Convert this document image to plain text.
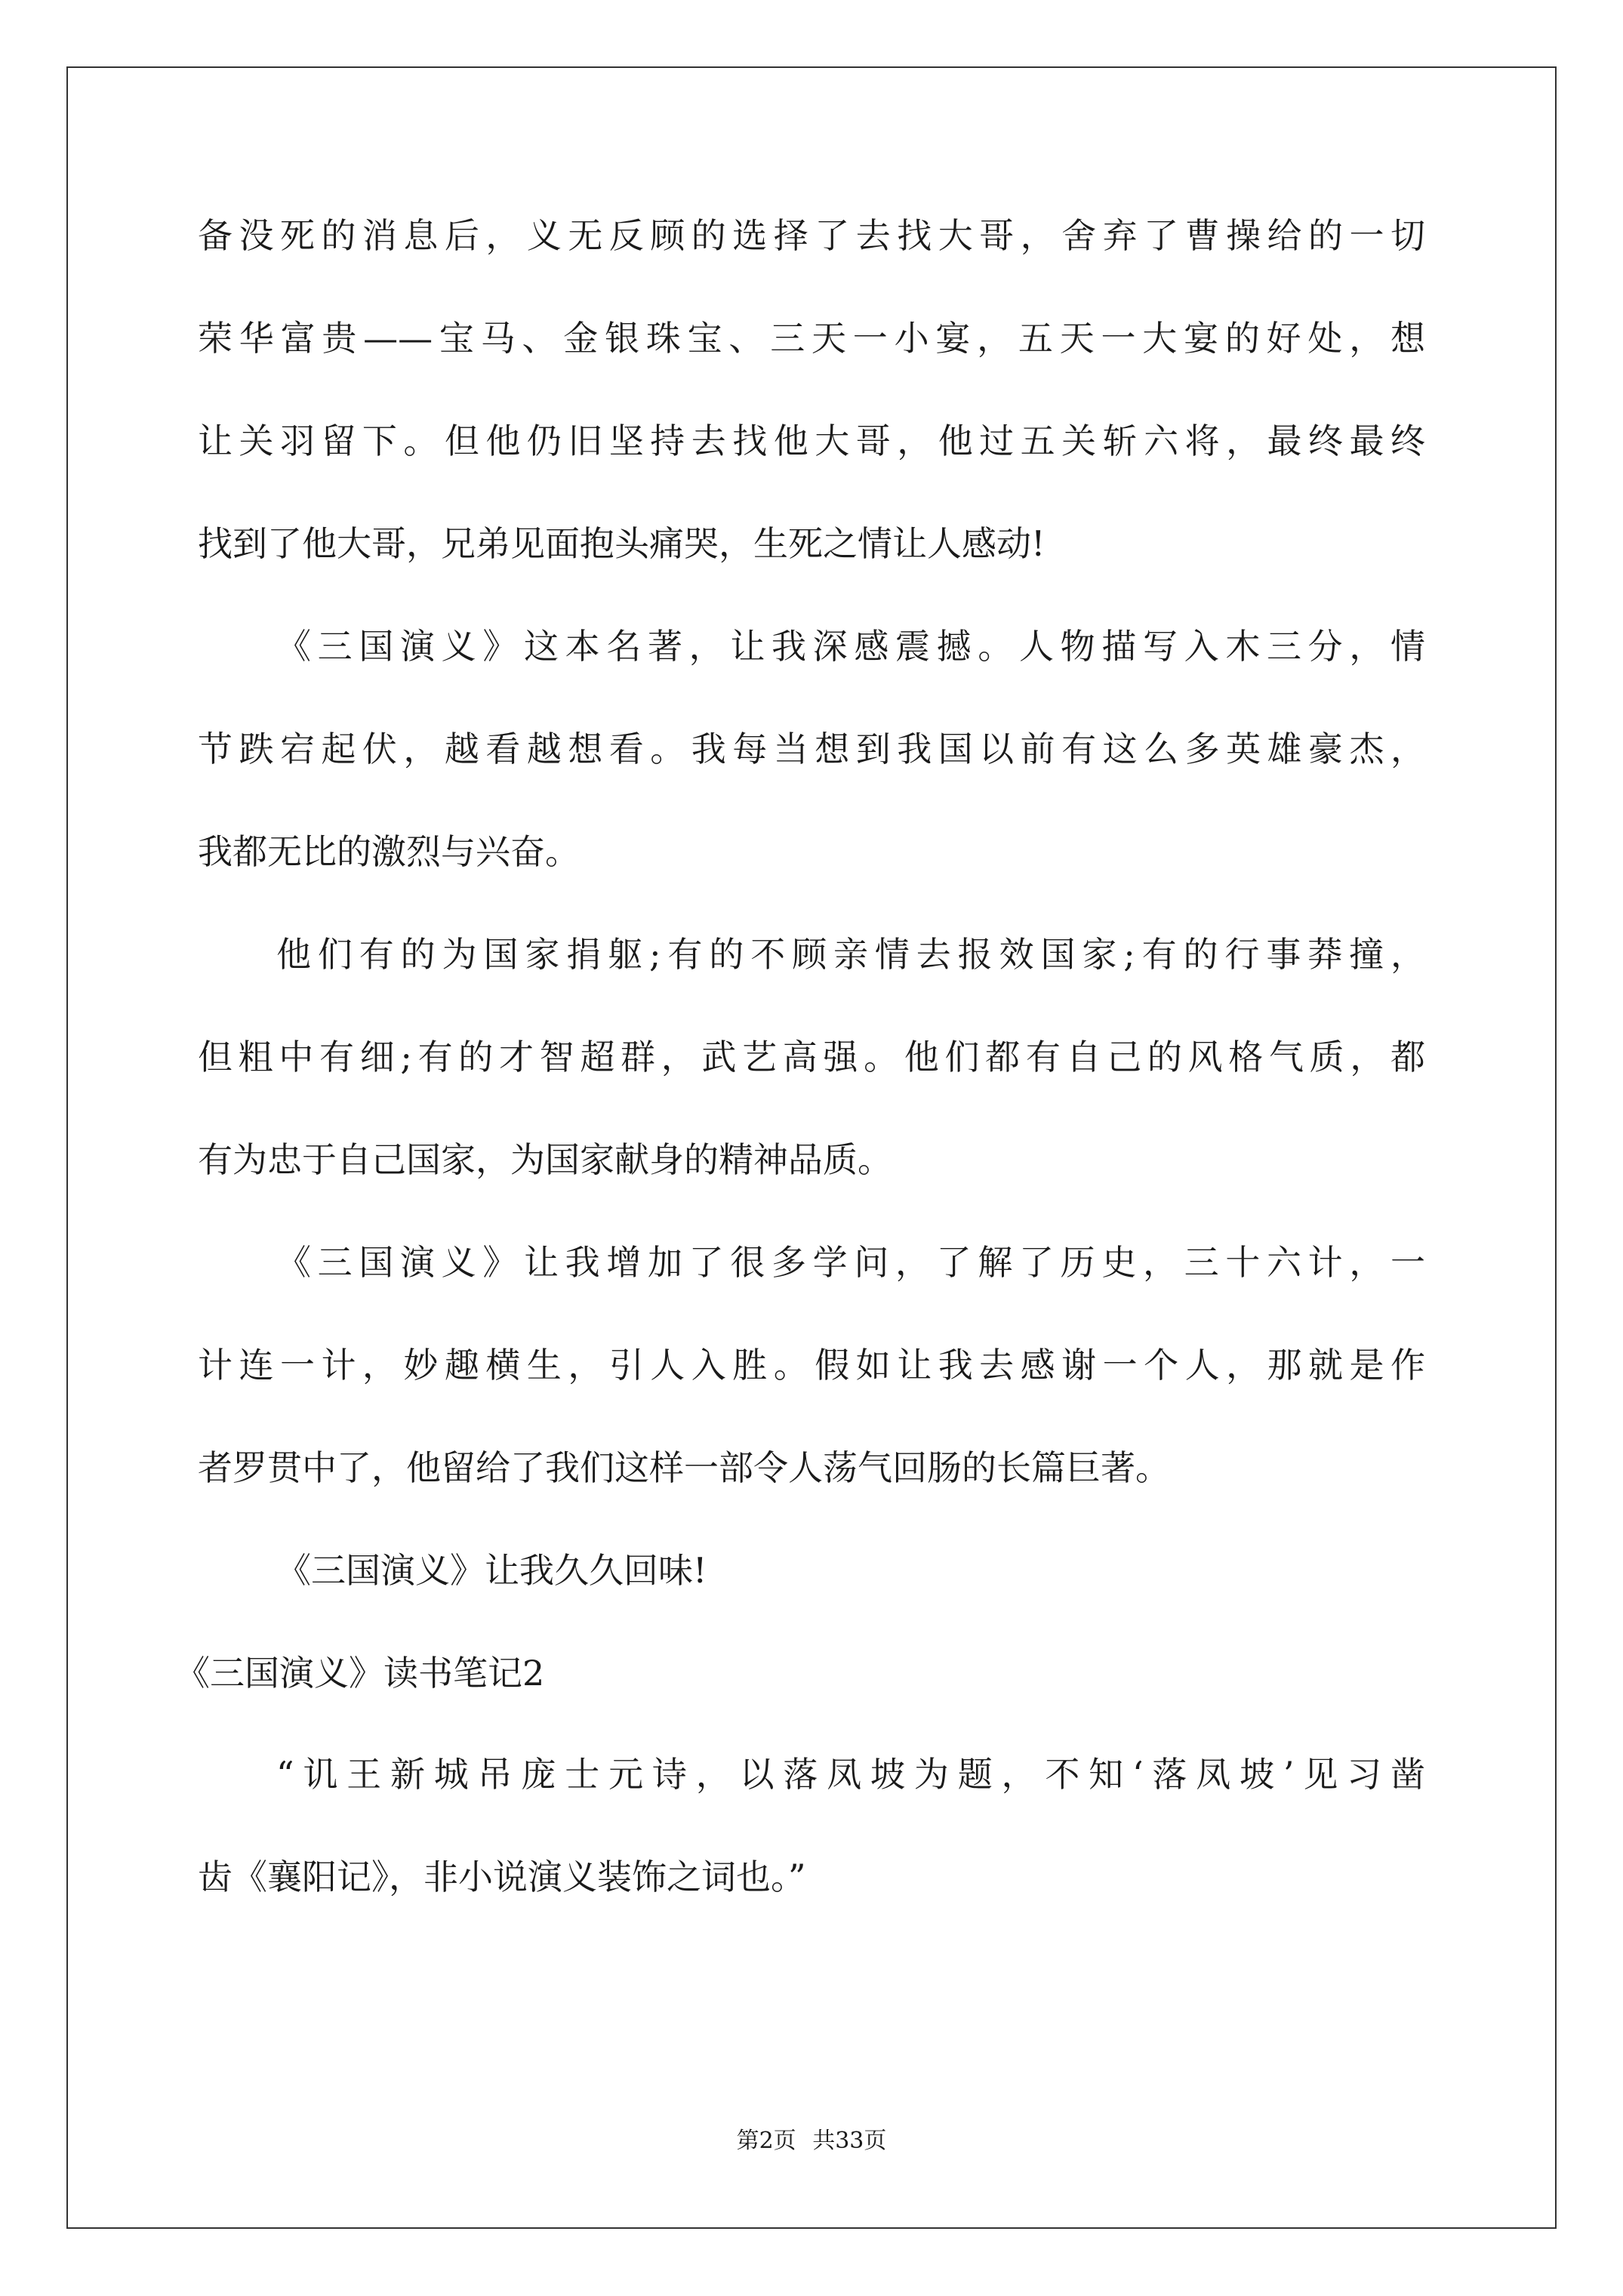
备没死的消息后，义无反顾的选择了去找大哥，舍弃了曹操给的一切
荣华富贵——宝马、金银珠宝、三天一小宴，五天一大宴的好处，想
让关羽留下。但他仍旧坚持去找他大哥，他过五关斩六将，最终最终
找到了他大哥，兄弟见面抱头痛哭，生死之情让人感动!
《三国演义》这本名著，让我深感震撼。人物描写入木三分，情
节跌宕起伏，越看越想看。我每当想到我国以前有这么多英雄豪杰，
我都无比的激烈与兴奋。
他们有的为国家捐躯;有的不顾亲情去报效国家;有的行事莽撞，
但粗中有细;有的才智超群，武艺高强。他们都有自己的风格气质，都
有为忠于自己国家，为国家献身的精神品质。
《三国演义》让我增加了很多学问，了解了历史，三十六计，一
计连一计，妙趣横生，引人入胜。假如让我去感谢一个人，那就是作
者罗贯中了，他留给了我们这样一部令人荡气回肠的长篇巨著。
《三国演义》让我久久回味!
《三国演义》读书笔记2
“讥王新城吊庞士元诗，以落凤坡为题，不知‘落凤坡’见习凿
齿《襄阳记》，非小说演义装饰之词也。”
第2页 共33页
